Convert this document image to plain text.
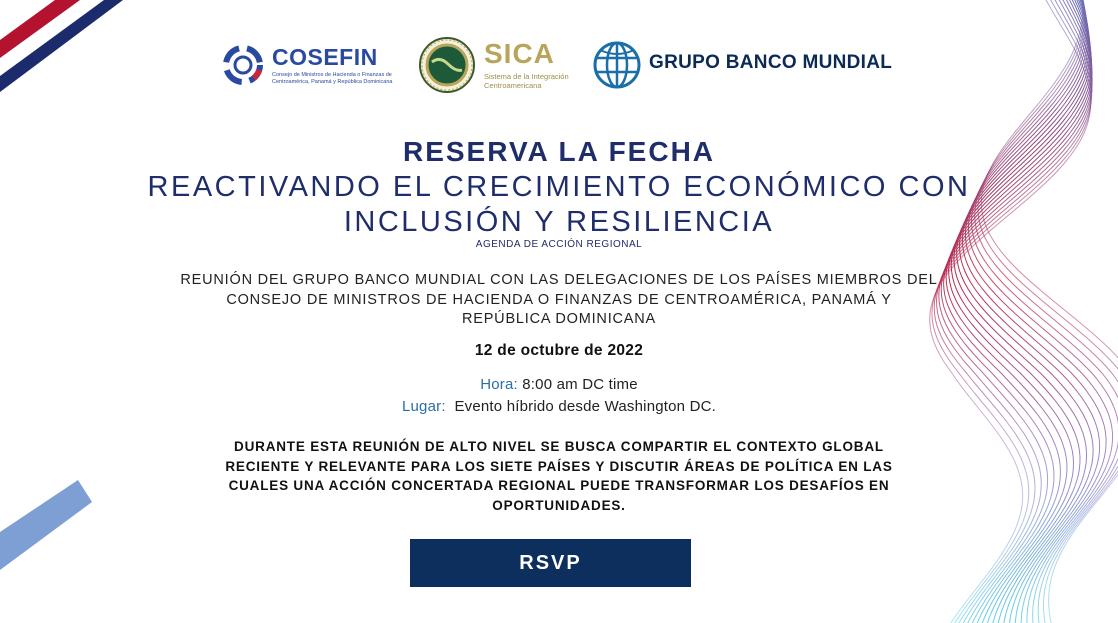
COSEFIN
Consejo de Ministros de Hacienda o Finanzas de Centroamérica, Panamá y República Dominicana
SICA
Sistema de la Integración Centroamericana
GRUPO BANCO MUNDIAL
RESERVA LA FECHA
REACTIVANDO EL CRECIMIENTO ECONÓMICO CON
INCLUSIÓN Y RESILIENCIA
AGENDA DE ACCIÓN REGIONAL
REUNIÓN DEL GRUPO BANCO MUNDIAL CON LAS DELEGACIONES DE LOS PAÍSES MIEMBROS DEL
CONSEJO DE MINISTROS DE HACIENDA O FINANZAS DE CENTROAMÉRICA, PANAMÁ Y
REPÚBLICA DOMINICANA
12 de octubre de 2022
Hora: 8:00 am DC time
Lugar: Evento híbrido desde Washington DC.
DURANTE ESTA REUNIÓN DE ALTO NIVEL SE BUSCA COMPARTIR EL CONTEXTO GLOBAL
RECIENTE Y RELEVANTE PARA LOS SIETE PAÍSES Y DISCUTIR ÁREAS DE POLÍTICA EN LAS
CUALES UNA ACCIÓN CONCERTADA REGIONAL PUEDE TRANSFORMAR LOS DESAFÍOS EN
OPORTUNIDADES.
RSVP
